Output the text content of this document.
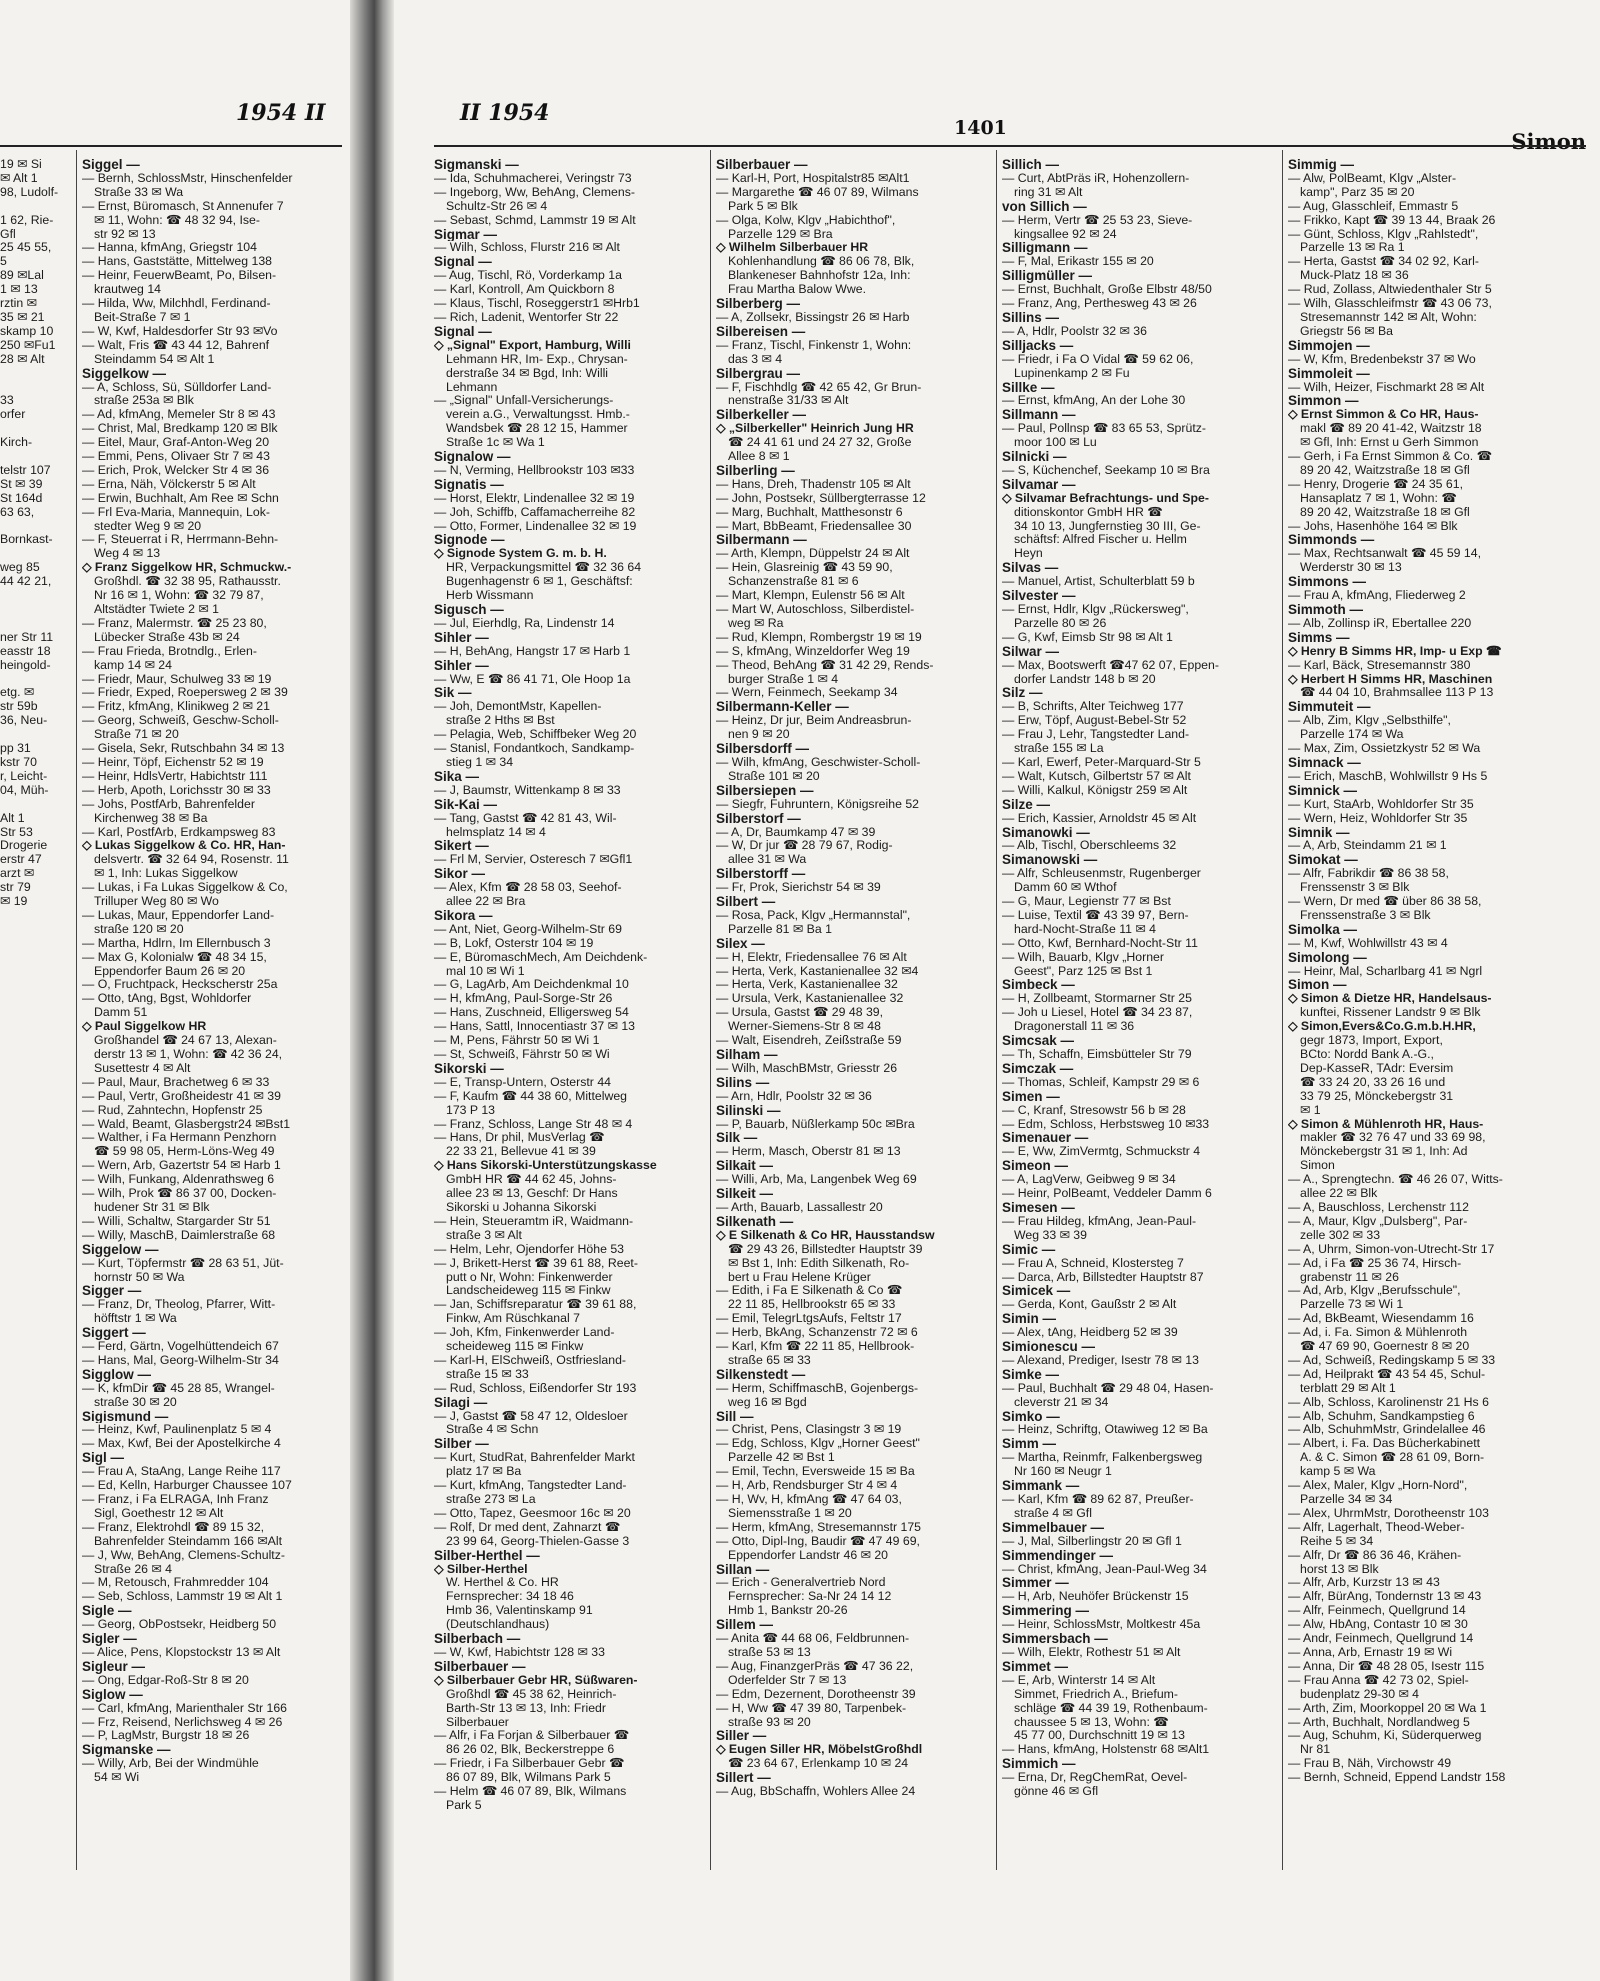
1954 II
19 ✉ Si
✉ Alt 1
98, Ludolf-

1 62, Rie-
Gfl
25 45 55,
5
89 ✉Lal
1 ✉ 13
rztin ✉
35 ✉ 21
skamp 10
250 ✉Fu1
28 ✉ Alt

33
orfer

Kirch-

telstr 107
St ✉ 39
St 164d
63 63,

Bornkast-

weg 85
44 42 21,

ner Str 11
easstr 18
heingold-

etg. ✉
str 59b
36, Neu-

pp 31
kstr 70
r, Leicht-
04, Müh-

Alt 1
Str 53
Drogerie
erstr 47
arzt ✉
str 79
✉ 19
Siggel —
— Bernh, SchlossMstr, Hinschenfelder
Straße 33 ✉ Wa
— Ernst, Büromasch, St Annenufer 7
✉ 11, Wohn: ☎ 48 32 94, Ise-
str 92 ✉ 13
— Hanna, kfmAng, Griegstr 104
— Hans, Gaststätte, Mittelweg 138
— Heinr, FeuerwBeamt, Po, Bilsen-
krautweg 14
— Hilda, Ww, Milchhdl, Ferdinand-
Beit-Straße 7 ✉ 1
— W, Kwf, Haldesdorfer Str 93 ✉Vo
— Walt, Fris ☎ 43 44 12, Bahrenf
Steindamm 54 ✉ Alt 1
Siggelkow —
— A, Schloss, Sü, Sülldorfer Land-
straße 253a ✉ Blk
— Ad, kfmAng, Memeler Str 8 ✉ 43
— Christ, Mal, Bredkamp 120 ✉ Blk
— Eitel, Maur, Graf-Anton-Weg 20
— Emmi, Pens, Olivaer Str 7 ✉ 43
— Erich, Prok, Welcker Str 4 ✉ 36
— Erna, Näh, Völckerstr 5 ✉ Alt
— Erwin, Buchhalt, Am Ree ✉ Schn
— Frl Eva-Maria, Mannequin, Lok-
stedter Weg 9 ✉ 20
— F, Steuerrat i R, Herrmann-Behn-
Weg 4 ✉ 13
◇ Franz Siggelkow HR, Schmuckw.-
Großhdl. ☎ 32 38 95, Rathausstr.
Nr 16 ✉ 1, Wohn: ☎ 32 79 87,
Altstädter Twiete 2 ✉ 1
— Franz, Malermstr. ☎ 25 23 80,
Lübecker Straße 43b ✉ 24
— Frau Frieda, Brotndlg., Erlen-
kamp 14 ✉ 24
— Friedr, Maur, Schulweg 33 ✉ 19
— Friedr, Exped, Roepersweg 2 ✉ 39
— Fritz, kfmAng, Klinikweg 2 ✉ 21
— Georg, Schweiß, Geschw-Scholl-
Straße 71 ✉ 20
— Gisela, Sekr, Rutschbahn 34 ✉ 13
— Heinr, Töpf, Eichenstr 52 ✉ 19
— Heinr, HdlsVertr, Habichtstr 111
— Herb, Apoth, Lorichsstr 30 ✉ 33
— Johs, PostfArb, Bahrenfelder
Kirchenweg 38 ✉ Ba
— Karl, PostfArb, Erdkampsweg 83
◇ Lukas Siggelkow & Co. HR, Han-
delsvertr. ☎ 32 64 94, Rosenstr. 11
✉ 1, Inh: Lukas Siggelkow
— Lukas, i Fa Lukas Siggelkow & Co,
Trilluper Weg 80 ✉ Wo
— Lukas, Maur, Eppendorfer Land-
straße 120 ✉ 20
— Martha, Hdlrn, Im Ellernbusch 3
— Max G, Kolonialw ☎ 48 34 15,
Eppendorfer Baum 26 ✉ 20
— O, Fruchtpack, Heckscherstr 25a
— Otto, tAng, Bgst, Wohldorfer
Damm 51
◇ Paul Siggelkow HR
Großhandel ☎ 24 67 13, Alexan-
derstr 13 ✉ 1, Wohn: ☎ 42 36 24,
Susettestr 4 ✉ Alt
— Paul, Maur, Brachetweg 6 ✉ 33
— Paul, Vertr, Großheidestr 41 ✉ 39
— Rud, Zahntechn, Hopfenstr 25
— Wald, Beamt, Glasbergstr24 ✉Bst1
— Walther, i Fa Hermann Penzhorn
☎ 59 98 05, Herm-Löns-Weg 49
— Wern, Arb, Gazertstr 54 ✉ Harb 1
— Wilh, Funkang, Aldenrathsweg 6
— Wilh, Prok ☎ 86 37 00, Docken-
hudener Str 31 ✉ Blk
— Willi, Schaltw, Stargarder Str 51
— Willy, MaschB, Daimlerstraße 68
Siggelow —
— Kurt, Töpfermstr ☎ 28 63 51, Jüt-
hornstr 50 ✉ Wa
Sigger —
— Franz, Dr, Theolog, Pfarrer, Witt-
höfftstr 1 ✉ Wa
Siggert —
— Ferd, Gärtn, Vogelhüttendeich 67
— Hans, Mal, Georg-Wilhelm-Str 34
Sigglow —
— K, kfmDir ☎ 45 28 85, Wrangel-
straße 30 ✉ 20
Sigismund —
— Heinz, Kwf, Paulinenplatz 5 ✉ 4
— Max, Kwf, Bei der Apostelkirche 4
Sigl —
— Frau A, StaAng, Lange Reihe 117
— Ed, Kelln, Harburger Chaussee 107
— Franz, i Fa ELRAGA, Inh Franz
Sigl, Goethestr 12 ✉ Alt
— Franz, Elektrohdl ☎ 89 15 32,
Bahrenfelder Steindamm 166 ✉Alt
— J, Ww, BehAng, Clemens-Schultz-
Straße 26 ✉ 4
— M, Retousch, Frahmredder 104
— Seb, Schloss, Lammstr 19 ✉ Alt 1
Sigle —
— Georg, ObPostsekr, Heidberg 50
Sigler —
— Alice, Pens, Klopstockstr 13 ✉ Alt
Sigleur —
— Ong, Edgar-Roß-Str 8 ✉ 20
Siglow —
— Carl, kfmAng, Marienthaler Str 166
— Frz, Reisend, Nerlichsweg 4 ✉ 26
— P, LagMstr, Burgstr 18 ✉ 26
Sigmanske —
— Willy, Arb, Bei der Windmühle
54 ✉ Wi
II 1954
1401
Simon
Sigmanski —
— Ida, Schuhmacherei, Veringstr 73
— Ingeborg, Ww, BehAng, Clemens-
Schultz-Str 26 ✉ 4
— Sebast, Schmd, Lammstr 19 ✉ Alt
Sigmar —
— Wilh, Schloss, Flurstr 216 ✉ Alt
Signal —
— Aug, Tischl, Rö, Vorderkamp 1a
— Karl, Kontroll, Am Quickborn 8
— Klaus, Tischl, Roseggerstr1 ✉Hrb1
— Rich, Ladenit, Wentorfer Str 22
Signal —
◇ „Signal" Export, Hamburg, Willi
Lehmann HR, Im- Exp., Chrysan-
derstraße 34 ✉ Bgd, Inh: Willi
Lehmann
— „Signal" Unfall-Versicherungs-
verein a.G., Verwaltungsst. Hmb.-
Wandsbek ☎ 28 12 15, Hammer
Straße 1c ✉ Wa 1
Signalow —
— N, Verming, Hellbrookstr 103 ✉33
Signatis —
— Horst, Elektr, Lindenallee 32 ✉ 19
— Joh, Schiffb, Caffamacherreihe 82
— Otto, Former, Lindenallee 32 ✉ 19
Signode —
◇ Signode System G. m. b. H.
HR, Verpackungsmittel ☎ 32 36 64
Bugenhagenstr 6 ✉ 1, Geschäftsf:
Herb Wissmann
Sigusch —
— Jul, Eierhdlg, Ra, Lindenstr 14
Sihler —
— H, BehAng, Hangstr 17 ✉ Harb 1
Sihler —
— Ww, E ☎ 86 41 71, Ole Hoop 1a
Sik —
— Joh, DemontMstr, Kapellen-
straße 2 Hths ✉ Bst
— Pelagia, Web, Schiffbeker Weg 20
— Stanisl, Fondantkoch, Sandkamp-
stieg 1 ✉ 34
Sika —
— J, Baumstr, Wittenkamp 8 ✉ 33
Sik-Kai —
— Tang, Gastst ☎ 42 81 43, Wil-
helmsplatz 14 ✉ 4
Sikert —
— Frl M, Servier, Osteresch 7 ✉Gfl1
Sikor —
— Alex, Kfm ☎ 28 58 03, Seehof-
allee 22 ✉ Bra
Sikora —
— Ant, Niet, Georg-Wilhelm-Str 69
— B, Lokf, Osterstr 104 ✉ 19
— E, BüromaschMech, Am Deichdenk-
mal 10 ✉ Wi 1
— G, LagArb, Am Deichdenkmal 10
— H, kfmAng, Paul-Sorge-Str 26
— Hans, Zuschneid, Elligersweg 54
— Hans, Sattl, Innocentiastr 37 ✉ 13
— M, Pens, Fährstr 50 ✉ Wi 1
— St, Schweiß, Fährstr 50 ✉ Wi
Sikorski —
— E, Transp-Untern, Osterstr 44
— F, Kaufm ☎ 44 38 60, Mittelweg
173 P 13
— Franz, Schloss, Lange Str 48 ✉ 4
— Hans, Dr phil, MusVerlag ☎
22 33 21, Bellevue 41 ✉ 39
◇ Hans Sikorski-Unterstützungskasse
GmbH HR ☎ 44 62 45, Johns-
allee 23 ✉ 13, Geschf: Dr Hans
Sikorski u Johanna Sikorski
— Hein, Steueramtm iR, Waidmann-
straße 3 ✉ Alt
— Helm, Lehr, Ojendorfer Höhe 53
— J, Brikett-Herst ☎ 39 61 88, Reet-
putt o Nr, Wohn: Finkenwerder
Landscheideweg 115 ✉ Finkw
— Jan, Schiffsreparatur ☎ 39 61 88,
Finkw, Am Rüschkanal 7
— Joh, Kfm, Finkenwerder Land-
scheideweg 115 ✉ Finkw
— Karl-H, ElSchweiß, Ostfriesland-
straße 15 ✉ 33
— Rud, Schloss, Eißendorfer Str 193
Silagi —
— J, Gastst ☎ 58 47 12, Oldesloer
Straße 4 ✉ Schn
Silber —
— Kurt, StudRat, Bahrenfelder Markt
platz 17 ✉ Ba
— Kurt, kfmAng, Tangstedter Land-
straße 273 ✉ La
— Otto, Tapez, Geesmoor 16c ✉ 20
— Rolf, Dr med dent, Zahnarzt ☎
23 99 64, Georg-Thielen-Gasse 3
Silber-Herthel —
◇ Silber-Herthel
W. Herthel & Co. HR
Fernsprecher: 34 18 46
Hmb 36, Valentinskamp 91
(Deutschlandhaus)
Silberbach —
— W, Kwf, Habichtstr 128 ✉ 33
Silberbauer —
◇ Silberbauer Gebr HR, Süßwaren-
Großhdl ☎ 45 38 62, Heinrich-
Barth-Str 13 ✉ 13, Inh: Friedr
Silberbauer
— Alfr, i Fa Forjan & Silberbauer ☎
86 26 02, Blk, Beckerstreppe 6
— Friedr, i Fa Silberbauer Gebr ☎
86 07 89, Blk, Wilmans Park 5
— Helm ☎ 46 07 89, Blk, Wilmans
Park 5
Silberbauer —
— Karl-H, Port, Hospitalstr85 ✉Alt1
— Margarethe ☎ 46 07 89, Wilmans
Park 5 ✉ Blk
— Olga, Kolw, Klgv „Habichthof",
Parzelle 129 ✉ Bra
◇ Wilhelm Silberbauer HR
Kohlenhandlung ☎ 86 06 78, Blk,
Blankeneser Bahnhofstr 12a, Inh:
Frau Martha Balow Wwe.
Silberberg —
— A, Zollsekr, Bissingstr 26 ✉ Harb
Silbereisen —
— Franz, Tischl, Finkenstr 1, Wohn:
das 3 ✉ 4
Silbergrau —
— F, Fischhdlg ☎ 42 65 42, Gr Brun-
nenstraße 31/33 ✉ Alt
Silberkeller —
◇ „Silberkeller" Heinrich Jung HR
☎ 24 41 61 und 24 27 32, Große
Allee 8 ✉ 1
Silberling —
— Hans, Dreh, Thadenstr 105 ✉ Alt
— John, Postsekr, Süllbergterrasse 12
— Marg, Buchhalt, Matthesonstr 6
— Mart, BbBeamt, Friedensallee 30
Silbermann —
— Arth, Klempn, Düppelstr 24 ✉ Alt
— Hein, Glasreinig ☎ 43 59 90,
Schanzenstraße 81 ✉ 6
— Mart, Klempn, Eulenstr 56 ✉ Alt
— Mart W, Autoschloss, Silberdistel-
weg ✉ Ra
— Rud, Klempn, Rombergstr 19 ✉ 19
— S, kfmAng, Winzeldorfer Weg 19
— Theod, BehAng ☎ 31 42 29, Rends-
burger Straße 1 ✉ 4
— Wern, Feinmech, Seekamp 34
Silbermann-Keller —
— Heinz, Dr jur, Beim Andreasbrun-
nen 9 ✉ 20
Silbersdorff —
— Wilh, kfmAng, Geschwister-Scholl-
Straße 101 ✉ 20
Silbersiepen —
— Siegfr, Fuhruntern, Königsreihe 52
Silberstorf —
— A, Dr, Baumkamp 47 ✉ 39
— W, Dr jur ☎ 28 79 67, Rodig-
allee 31 ✉ Wa
Silberstorff —
— Fr, Prok, Sierichstr 54 ✉ 39
Silbert —
— Rosa, Pack, Klgv „Hermannstal",
Parzelle 81 ✉ Ba 1
Silex —
— H, Elektr, Friedensallee 76 ✉ Alt
— Herta, Verk, Kastanienallee 32 ✉4
— Herta, Verk, Kastanienallee 32
— Ursula, Verk, Kastanienallee 32
— Ursula, Gastst ☎ 29 48 39,
Werner-Siemens-Str 8 ✉ 48
— Walt, Eisendreh, Zeißstraße 59
Silham —
— Wilh, MaschBMstr, Griesstr 26
Silins —
— Arn, Hdlr, Poolstr 32 ✉ 36
Silinski —
— P, Bauarb, Nüßlerkamp 50c ✉Bra
Silk —
— Herm, Masch, Oberstr 81 ✉ 13
Silkait —
— Willi, Arb, Ma, Langenbek Weg 69
Silkeit —
— Arth, Bauarb, Lassallestr 20
Silkenath —
◇ E Silkenath & Co HR, Hausstandsw
☎ 29 43 26, Billstedter Hauptstr 39
✉ Bst 1, Inh: Edith Silkenath, Ro-
bert u Frau Helene Krüger
— Edith, i Fa E Silkenath & Co ☎
22 11 85, Hellbrookstr 65 ✉ 33
— Emil, TelegrLtgsAufs, Feltstr 17
— Herb, BkAng, Schanzenstr 72 ✉ 6
— Karl, Kfm ☎ 22 11 85, Hellbrook-
straße 65 ✉ 33
Silkenstedt —
— Herm, SchiffmaschB, Gojenbergs-
weg 16 ✉ Bgd
Sill —
— Christ, Pens, Clasingstr 3 ✉ 19
— Edg, Schloss, Klgv „Horner Geest"
Parzelle 42 ✉ Bst 1
— Emil, Techn, Eversweide 15 ✉ Ba
— H, Arb, Rendsburger Str 4 ✉ 4
— H, Wv, H, kfmAng ☎ 47 64 03,
Siemensstraße 1 ✉ 20
— Herm, kfmAng, Stresemannstr 175
— Otto, Dipl-Ing, Baudir ☎ 47 49 69,
Eppendorfer Landstr 46 ✉ 20
Sillan —
— Erich - Generalvertrieb Nord
Fernsprecher: Sa-Nr 24 14 12
Hmb 1, Bankstr 20-26
Sillem —
— Anita ☎ 44 68 06, Feldbrunnen-
straße 53 ✉ 13
— Aug, FinanzgerPräs ☎ 47 36 22,
Oderfelder Str 7 ✉ 13
— Edm, Dezernent, Dorotheenstr 39
— H, Ww ☎ 47 39 80, Tarpenbek-
straße 93 ✉ 20
Siller —
◇ Eugen Siller HR, MöbelstGroßhdl
☎ 23 64 67, Erlenkamp 10 ✉ 24
Sillert —
— Aug, BbSchaffn, Wohlers Allee 24
Sillich —
— Curt, AbtPräs iR, Hohenzollern-
ring 31 ✉ Alt
von Sillich —
— Herm, Vertr ☎ 25 53 23, Sieve-
kingsallee 92 ✉ 24
Silligmann —
— F, Mal, Erikastr 155 ✉ 20
Silligmüller —
— Ernst, Buchhalt, Große Elbstr 48/50
— Franz, Ang, Perthesweg 43 ✉ 26
Sillins —
— A, Hdlr, Poolstr 32 ✉ 36
Silljacks —
— Friedr, i Fa O Vidal ☎ 59 62 06,
Lupinenkamp 2 ✉ Fu
Sillke —
— Ernst, kfmAng, An der Lohe 30
Sillmann —
— Paul, Pollnsp ☎ 83 65 53, Sprütz-
moor 100 ✉ Lu
Silnicki —
— S, Küchenchef, Seekamp 10 ✉ Bra
Silvamar —
◇ Silvamar Befrachtungs- und Spe-
ditionskontor GmbH HR ☎
34 10 13, Jungfernstieg 30 III, Ge-
schäftsf: Alfred Fischer u. Hellm
Heyn
Silvas —
— Manuel, Artist, Schulterblatt 59 b
Silvester —
— Ernst, Hdlr, Klgv „Rückersweg",
Parzelle 80 ✉ 26
— G, Kwf, Eimsb Str 98 ✉ Alt 1
Silwar —
— Max, Bootswerft ☎47 62 07, Eppen-
dorfer Landstr 148 b ✉ 20
Silz —
— B, Schrifts, Alter Teichweg 177
— Erw, Töpf, August-Bebel-Str 52
— Frau J, Lehr, Tangstedter Land-
straße 155 ✉ La
— Karl, Ewerf, Peter-Marquard-Str 5
— Walt, Kutsch, Gilbertstr 57 ✉ Alt
— Willi, Kalkul, Königstr 259 ✉ Alt
Silze —
— Erich, Kassier, Arnoldstr 45 ✉ Alt
Simanowki —
— Alb, Tischl, Oberschleems 32
Simanowski —
— Alfr, Schleusenmstr, Rugenberger
Damm 60 ✉ Wthof
— G, Maur, Legienstr 77 ✉ Bst
— Luise, Textil ☎ 43 39 97, Bern-
hard-Nocht-Straße 11 ✉ 4
— Otto, Kwf, Bernhard-Nocht-Str 11
— Wilh, Bauarb, Klgv „Horner
Geest", Parz 125 ✉ Bst 1
Simbeck —
— H, Zollbeamt, Stormarner Str 25
— Joh u Liesel, Hotel ☎ 34 23 87,
Dragonerstall 11 ✉ 36
Simcsak —
— Th, Schaffn, Eimsbütteler Str 79
Simczak —
— Thomas, Schleif, Kampstr 29 ✉ 6
Simen —
— C, Kranf, Stresowstr 56 b ✉ 28
— Edm, Schloss, Herbstsweg 10 ✉33
Simenauer —
— E, Ww, ZimVermtg, Schmuckstr 4
Simeon —
— A, LagVerw, Geibweg 9 ✉ 34
— Heinr, PolBeamt, Veddeler Damm 6
Simesen —
— Frau Hildeg, kfmAng, Jean-Paul-
Weg 33 ✉ 39
Simic —
— Frau A, Schneid, Klostersteg 7
— Darca, Arb, Billstedter Hauptstr 87
Simicek —
— Gerda, Kont, Gaußstr 2 ✉ Alt
Simin —
— Alex, tAng, Heidberg 52 ✉ 39
Simionescu —
— Alexand, Prediger, Isestr 78 ✉ 13
Simke —
— Paul, Buchhalt ☎ 29 48 04, Hasen-
cleverstr 21 ✉ 34
Simko —
— Heinz, Schriftg, Otawiweg 12 ✉ Ba
Simm —
— Martha, Reinmfr, Falkenbergsweg
Nr 160 ✉ Neugr 1
Simmank —
— Karl, Kfm ☎ 89 62 87, Preußer-
straße 4 ✉ Gfl
Simmelbauer —
— J, Mal, Silberlingstr 20 ✉ Gfl 1
Simmendinger —
— Christ, kfmAng, Jean-Paul-Weg 34
Simmer —
— H, Arb, Neuhöfer Brückenstr 15
Simmering —
— Heinr, SchlossMstr, Moltkestr 45a
Simmersbach —
— Wilh, Elektr, Rothestr 51 ✉ Alt
Simmet —
— E, Arb, Winterstr 14 ✉ Alt
Simmet, Friedrich A., Briefum-
schläge ☎ 44 39 19, Rothenbaum-
chaussee 5 ✉ 13, Wohn: ☎
45 77 00, Durchschnitt 19 ✉ 13
— Hans, kfmAng, Holstenstr 68 ✉Alt1
Simmich —
— Erna, Dr, RegChemRat, Oevel-
gönne 46 ✉ Gfl
Simmig —
— Alw, PolBeamt, Klgv „Alster-
kamp", Parz 35 ✉ 20
— Aug, Glasschleif, Emmastr 5
— Frikko, Kapt ☎ 39 13 44, Braak 26
— Günt, Schloss, Klgv „Rahlstedt",
Parzelle 13 ✉ Ra 1
— Herta, Gastst ☎ 34 02 92, Karl-
Muck-Platz 18 ✉ 36
— Rud, Zollass, Altwiedenthaler Str 5
— Wilh, Glasschleifmstr ☎ 43 06 73,
Stresemannstr 142 ✉ Alt, Wohn:
Griegstr 56 ✉ Ba
Simmojen —
— W, Kfm, Bredenbekstr 37 ✉ Wo
Simmoleit —
— Wilh, Heizer, Fischmarkt 28 ✉ Alt
Simmon —
◇ Ernst Simmon & Co HR, Haus-
makl ☎ 89 20 41-42, Waitzstr 18
✉ Gfl, Inh: Ernst u Gerh Simmon
— Gerh, i Fa Ernst Simmon & Co. ☎
89 20 42, Waitzstraße 18 ✉ Gfl
— Henry, Drogerie ☎ 24 35 61,
Hansaplatz 7 ✉ 1, Wohn: ☎
89 20 42, Waitzstraße 18 ✉ Gfl
— Johs, Hasenhöhe 164 ✉ Blk
Simmonds —
— Max, Rechtsanwalt ☎ 45 59 14,
Werderstr 30 ✉ 13
Simmons —
— Frau A, kfmAng, Fliederweg 2
Simmoth —
— Alb, Zollinsp iR, Ebertallee 220
Simms —
◇ Henry B Simms HR, Imp- u Exp ☎
— Karl, Bäck, Stresemannstr 380
◇ Herbert H Simms HR, Maschinen
☎ 44 04 10, Brahmsallee 113 P 13
Simmuteit —
— Alb, Zim, Klgv „Selbsthilfe",
Parzelle 174 ✉ Wa
— Max, Zim, Ossietzkystr 52 ✉ Wa
Simnack —
— Erich, MaschB, Wohlwillstr 9 Hs 5
Simnick —
— Kurt, StaArb, Wohldorfer Str 35
— Wern, Heiz, Wohldorfer Str 35
Simnik —
— A, Arb, Steindamm 21 ✉ 1
Simokat —
— Alfr, Fabrikdir ☎ 86 38 58,
Frenssenstr 3 ✉ Blk
— Wern, Dr med ☎ über 86 38 58,
Frenssenstraße 3 ✉ Blk
Simolka —
— M, Kwf, Wohlwillstr 43 ✉ 4
Simolong —
— Heinr, Mal, Scharlbarg 41 ✉ Ngrl
Simon —
◇ Simon & Dietze HR, Handelsaus-
kunftei, Rissener Landstr 9 ✉ Blk
◇ Simon,Evers&Co.G.m.b.H.HR,
gegr 1873, Import, Export,
BCto: Nordd Bank A.-G.,
Dep-KasseR, TAdr: Eversim
☎ 33 24 20, 33 26 16 und
33 79 25, Mönckebergstr 31
✉ 1
◇ Simon & Mühlenroth HR, Haus-
makler ☎ 32 76 47 und 33 69 98,
Mönckebergstr 31 ✉ 1, Inh: Ad
Simon
— A., Sprengtechn. ☎ 46 26 07, Witts-
allee 22 ✉ Blk
— A, Bauschloss, Lerchenstr 112
— A, Maur, Klgv „Dulsberg", Par-
zelle 302 ✉ 33
— A, Uhrm, Simon-von-Utrecht-Str 17
— Ad, i Fa ☎ 25 36 74, Hirsch-
grabenstr 11 ✉ 26
— Ad, Arb, Klgv „Berufsschule",
Parzelle 73 ✉ Wi 1
— Ad, BkBeamt, Wiesendamm 16
— Ad, i. Fa. Simon & Mühlenroth
☎ 47 69 90, Goernestr 8 ✉ 20
— Ad, Schweiß, Redingskamp 5 ✉ 33
— Ad, Heilprakt ☎ 43 54 45, Schul-
terblatt 29 ✉ Alt 1
— Alb, Schloss, Karolinenstr 21 Hs 6
— Alb, Schuhm, Sandkampstieg 6
— Alb, SchuhmMstr, Grindelallee 46
— Albert, i. Fa. Das Bücherkabinett
A. & C. Simon ☎ 28 61 09, Born-
kamp 5 ✉ Wa
— Alex, Maler, Klgv „Horn-Nord",
Parzelle 34 ✉ 34
— Alex, UhrmMstr, Dorotheenstr 103
— Alfr, Lagerhalt, Theod-Weber-
Reihe 5 ✉ 34
— Alfr, Dr ☎ 86 36 46, Krähen-
horst 13 ✉ Blk
— Alfr, Arb, Kurzstr 13 ✉ 43
— Alfr, BürAng, Tondernstr 13 ✉ 43
— Alfr, Feinmech, Quellgrund 14
— Alw, HbAng, Contastr 10 ✉ 30
— Andr, Feinmech, Quellgrund 14
— Anna, Arb, Ernastr 19 ✉ Wi
— Anna, Dir ☎ 48 28 05, Isestr 115
— Frau Anna ☎ 42 73 02, Spiel-
budenplatz 29-30 ✉ 4
— Arth, Zim, Moorkoppel 20 ✉ Wa 1
— Arth, Buchhalt, Nordlandweg 5
— Aug, Schuhm, Ki, Süderquerweg
Nr 81
— Frau B, Näh, Virchowstr 49
— Bernh, Schneid, Eppend Landstr 158
